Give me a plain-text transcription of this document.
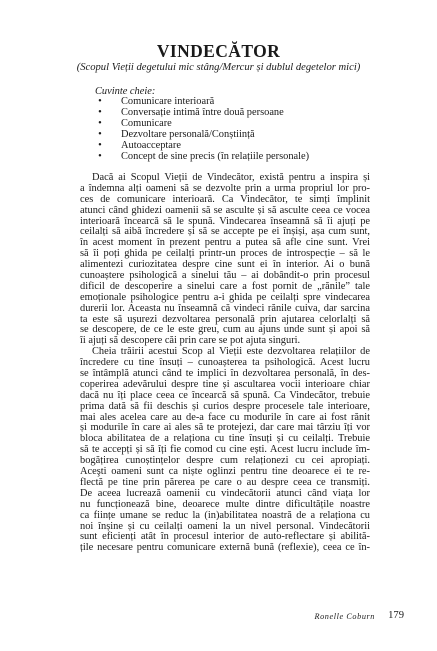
VINDECĂTOR
(Scopul Vieții degetului mic stâng/Mercur și dublul degetelor mici)
Cuvinte cheie:
•	Comunicare interioară
•	Conversație intimă între două persoane
•	Comunicare
•	Dezvoltare personală/Conștiință
•	Autoacceptare
•	Concept de sine precis (în relațiile personale)
Dacă ai Scopul Vieții de Vindecător, există pentru a inspira și
a îndemna alți oameni să se dezvolte prin a urma propriul lor pro-
ces de comunicare interioară. Ca Vindecător, te simți împlinit
atunci când ghidezi oamenii să se asculte și să asculte ceea ce vocea
interioară încearcă să le spună. Vindecarea înseamnă să îi ajuți pe
ceilalți să aibă încredere și să se accepte pe ei înșiși, așa cum sunt,
în acest moment în prezent pentru a putea să afle cine sunt. Vrei
să îi poți ghida pe ceilalți printr-un proces de introspecție – să le
alimentezi curiozitatea despre cine sunt ei în interior. Ai o bună
cunoaștere psihologică a sinelui tău – ai dobândit-o prin procesul
dificil de descoperire a sinelui care a fost pornit de „rănile” tale
emoționale psihologice pentru a-i ghida pe ceilalți spre vindecarea
durerii lor. Aceasta nu înseamnă că vindeci rănile cuiva, dar sarcina
ta este să ușurezi dezvoltarea personală prin ajutarea celorlalți să
se descopere, de ce le este greu, cum au ajuns unde sunt și apoi să
îi ajuți să descopere căi prin care se pot ajuta singuri.
Cheia trăirii acestui Scop al Vieții este dezvoltarea relațiilor de
încredere cu tine însuți – cunoașterea ta psihologică. Acest lucru
se întâmplă atunci când te implici în dezvoltarea personală, în des-
coperirea adevărului despre tine și ascultarea vocii interioare chiar
dacă nu îți place ceea ce încearcă să spună. Ca Vindecător, trebuie
prima dată să fii deschis și curios despre procesele tale interioare,
mai ales acelea care au de-a face cu modurile în care ai fost rănit
și modurile în care ai ales să te protejezi, dar care mai târziu îți vor
bloca abilitatea de a relaționa cu tine însuți și cu ceilalți. Trebuie
să te accepți și să îți fie comod cu cine ești. Acest lucru include îm-
bogățirea cunoștințelor despre cum relaționezi cu cei apropiați.
Aceşti oameni sunt ca niște oglinzi pentru tine deoarece ei te re-
flectă pe tine prin părerea pe care o au despre ceea ce transmiți.
De aceea lucrează oamenii cu vindecătorii atunci când viața lor
nu funcționează bine, deoarece multe dintre dificultățile noastre
ca ființe umane se reduc la (in)abilitatea noastră de a relaționa cu
noi înșine și cu ceilalți oameni la un nivel personal. Vindecătorii
sunt eficienți atât în procesul interior de auto-reflectare și abilită-
țile necesare pentru comunicare externă bună (reflexie), ceea ce în-
Ronelle Coburn 179
